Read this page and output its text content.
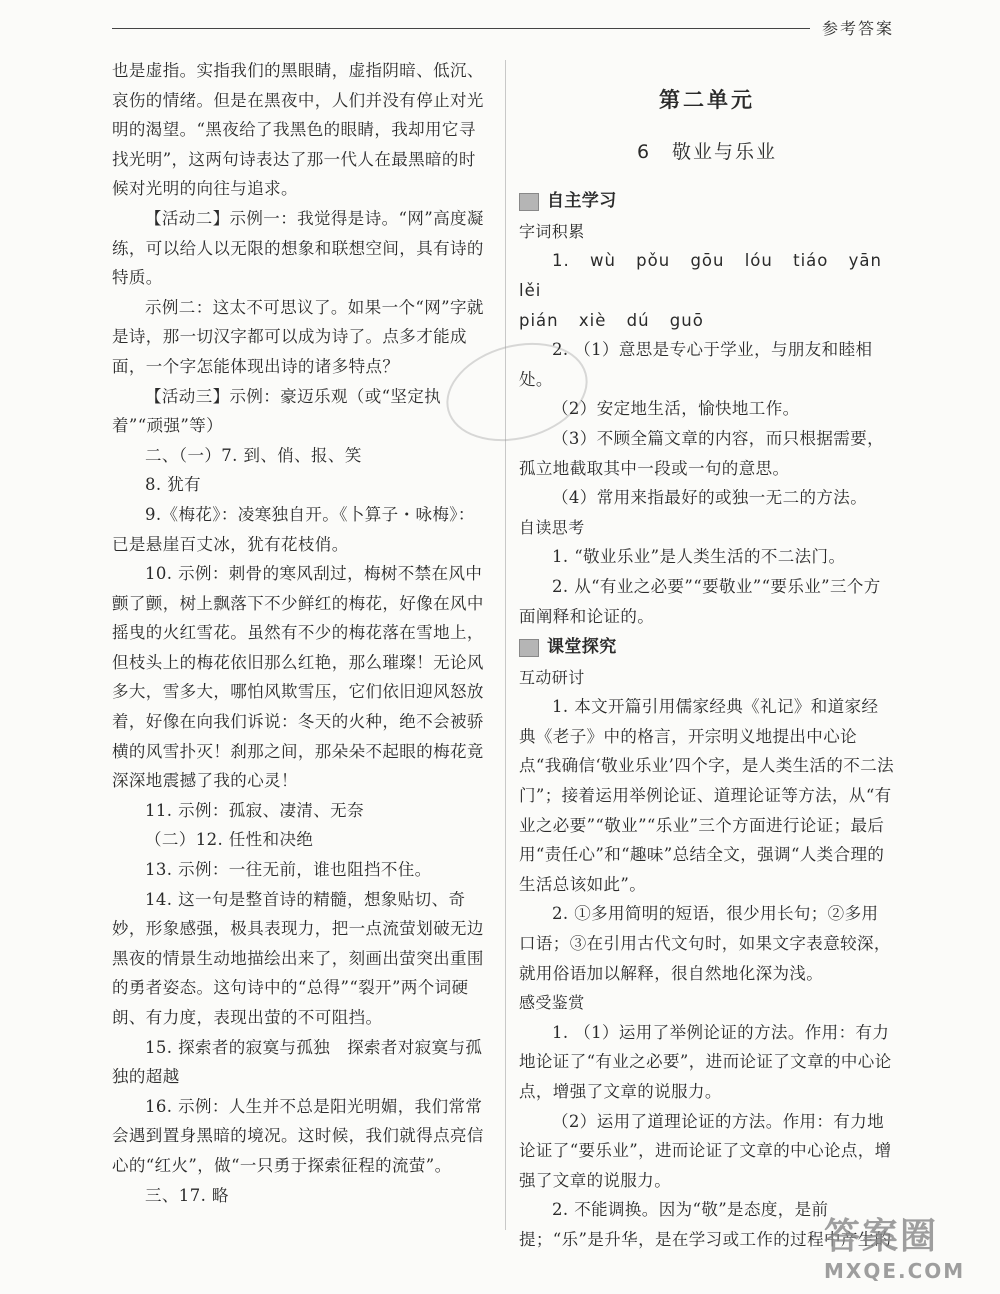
参考答案

也是虚指。实指我们的黑眼睛，虚指阴暗、低沉、哀伤的情绪。但是在黑夜中，人们并没有停止对光明的渴望。“黑夜给了我黑色的眼睛，我却用它寻找光明”，这两句诗表达了那一代人在最黑暗的时候对光明的向往与追求。

【活动二】示例一：我觉得是诗。“网”高度凝练，可以给人以无限的想象和联想空间，具有诗的特质。

示例二：这太不可思议了。如果一个“网”字就是诗，那一切汉字都可以成为诗了。点多才能成面，一个字怎能体现出诗的诸多特点？

【活动三】示例：豪迈乐观（或“坚定执着”“顽强”等）

二、（一）7. 到、俏、报、笑

8. 犹有

9.《梅花》：凌寒独自开。《卜算子・咏梅》：已是悬崖百丈冰，犹有花枝俏。

10. 示例：刺骨的寒风刮过，梅树不禁在风中颤了颤，树上飘落下不少鲜红的梅花，好像在风中摇曳的火红雪花。虽然有不少的梅花落在雪地上，但枝头上的梅花依旧那么红艳，那么璀璨！无论风多大，雪多大，哪怕风欺雪压，它们依旧迎风怒放着，好像在向我们诉说：冬天的火种，绝不会被骄横的风雪扑灭！刹那之间，那朵朵不起眼的梅花竟深深地震撼了我的心灵！

11. 示例：孤寂、凄清、无奈

（二）12. 任性和决绝

13. 示例：一往无前，谁也阻挡不住。

14. 这一句是整首诗的精髓，想象贴切、奇妙，形象感强，极具表现力，把一点流萤划破无边黑夜的情景生动地描绘出来了，刻画出萤突出重围的勇者姿态。这句诗中的“总得”“裂开”两个词硬朗、有力度，表现出萤的不可阻挡。

15. 探索者的寂寞与孤独　探索者对寂寞与孤独的超越

16. 示例：人生并不总是阳光明媚，我们常常会遇到置身黑暗的境况。这时候，我们就得点亮信心的“红火”，做“一只勇于探索征程的流萤”。

三、17. 略

第二单元
6　敬业与乐业
自主学习

字词积累

1. wù pǒu gōu lóu tiáo yān lěi

pián xiè dú guō

2. （1）意思是专心于学业，与朋友和睦相处。

（2）安定地生活，愉快地工作。

（3）不顾全篇文章的内容，而只根据需要，孤立地截取其中一段或一句的意思。

（4）常用来指最好的或独一无二的方法。

自读思考

1. “敬业乐业”是人类生活的不二法门。

2. 从“有业之必要”“要敬业”“要乐业”三个方面阐释和论证的。

课堂探究

互动研讨

1. 本文开篇引用儒家经典《礼记》和道家经典《老子》中的格言，开宗明义地提出中心论点“我确信‘敬业乐业’四个字，是人类生活的不二法门”；接着运用举例论证、道理论证等方法，从“有业之必要”“敬业”“乐业”三个方面进行论证；最后用“责任心”和“趣味”总结全文，强调“人类合理的生活总该如此”。

2. ①多用简明的短语，很少用长句；②多用口语；③在引用古代文句时，如果文字表意较深，就用俗语加以解释，很自然地化深为浅。

感受鉴赏

1. （1）运用了举例论证的方法。作用：有力地论证了“有业之必要”，进而论证了文章的中心论点，增强了文章的说服力。

（2）运用了道理论证的方法。作用：有力地论证了“要乐业”，进而论证了文章的中心论点，增强了文章的说服力。

2. 不能调换。因为“敬”是态度，是前提；“乐”是升华，是在学习或工作的过程中产生的

答案圈
MXQE.COM
